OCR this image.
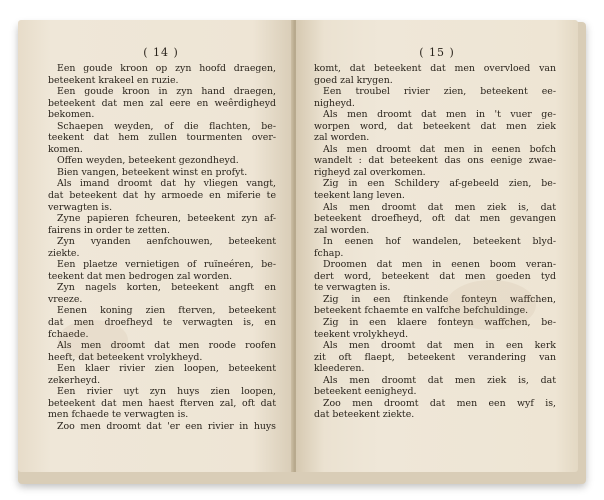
( 14 )
Een goude kroon op zyn hoofd draegen,
beteekent krakeel en ruzie.
Een goude kroon in zyn hand draegen,
beteekent dat men zal eere en weêrdigheyd
bekomen.
Schaepen weyden, of die flachten, be-
teekent dat hem zullen tourmenten over-
komen.
Offen weyden, beteekent gezondheyd.
Bien vangen, beteekent winst en profyt.
Als imand droomt dat hy vliegen vangt,
dat beteekent dat hy armoede en miferie te
verwagten is.
Zyne papieren fcheuren, beteekent zyn af-
fairens in order te zetten.
Zyn vyanden aenfchouwen, beteekent
ziekte.
Een plaetze vernietigen of ruïneéren, be-
teekent dat men bedrogen zal worden.
Zyn nagels korten, beteekent angft en
vreeze.
Eenen koning zien fterven, beteekent
dat men droefheyd te verwagten is, en
fchaede.
Als men droomt dat men roode roofen
heeft, dat beteekent vrolykheyd.
Een klaer rivier zien loopen, beteekent
zekerheyd.
Een rivier uyt zyn huys zien loopen,
beteekent dat men haest fterven zal, oft dat
men fchaede te verwagten is.
Zoo men droomt dat 'er een rivier in huys
( 15 )
komt, dat beteekent dat men overvloed van
goed zal krygen.
Een troubel rivier zien, beteekent ee-
nigheyd.
Als men droomt dat men in 't vuer ge-
worpen word, dat beteekent dat men ziek
zal worden.
Als men droomt dat men in eenen bofch
wandelt : dat beteekent das ons eenige zwae-
righeyd zal overkomen.
Zig in een Schildery af-gebeeld zien, be-
teekent lang leven.
Als men droomt dat men ziek is, dat
beteekent droefheyd, oft dat men gevangen
zal worden.
In eenen hof wandelen, beteekent blyd-
fchap.
Droomen dat men in eenen boom veran-
dert word, beteekent dat men goeden tyd
te verwagten is.
Zig in een ftinkende fonteyn waffchen,
beteekent fchaemte en valfche befchuldinge.
Zig in een klaere fonteyn waffchen, be-
teekent vrolykheyd.
Als men droomt dat men in een kerk
zit oft flaept, beteekent verandering van
kleederen.
Als men droomt dat men ziek is, dat
beteekent eenigheyd.
Zoo men droomt dat men een wyf is,
dat beteekent ziekte.
